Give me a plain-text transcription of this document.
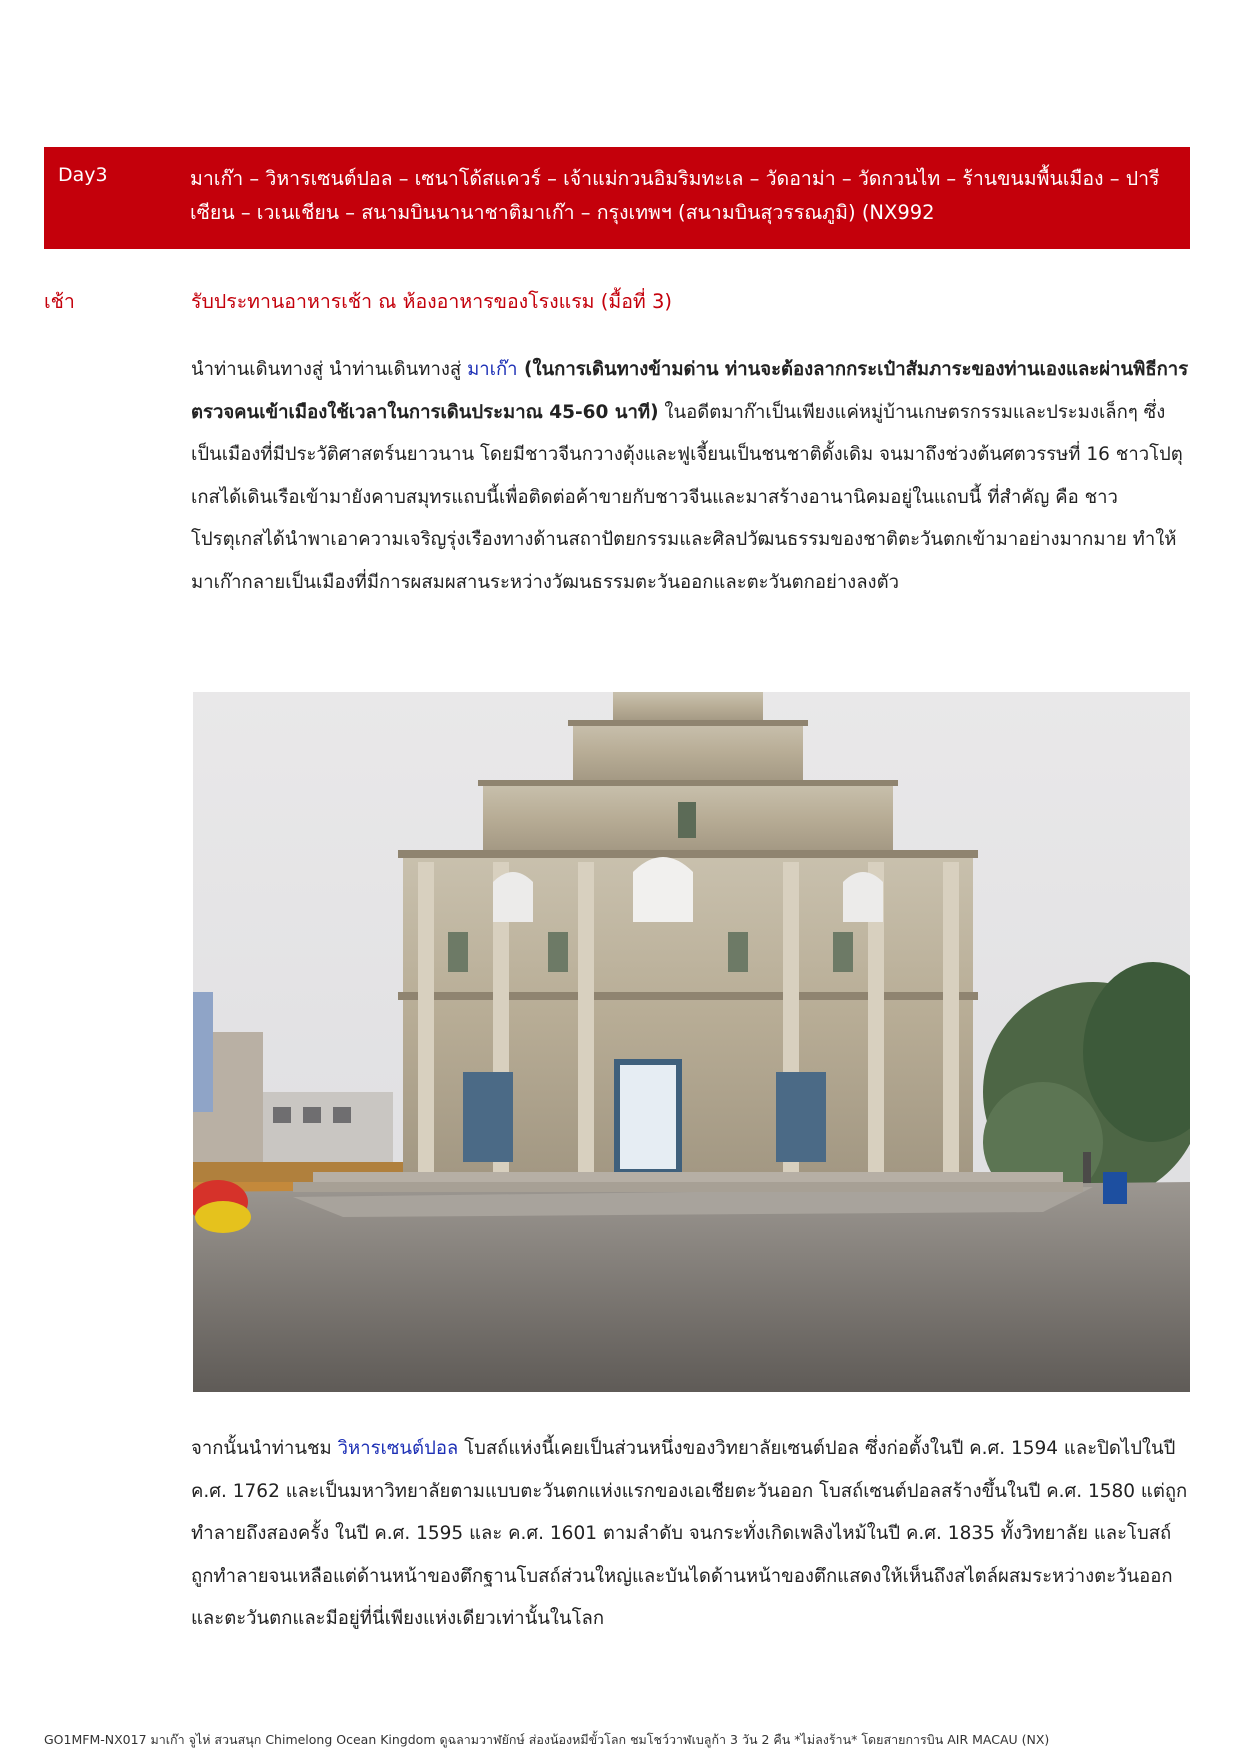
Day3	มาเก๊า – วิหารเซนต์ปอล – เซนาโด้สแควร์ – เจ้าแม่กวนอิมริมทะเล – วัดอาม่า – วัดกวนไท – ร้านขนมพื้นเมือง – ปารีเซียน – เวเนเชียน – สนามบินนานาชาติมาเก๊า – กรุงเทพฯ (สนามบินสุวรรณภูมิ) (NX992
เช้า	รับประทานอาหารเช้า ณ ห้องอาหารของโรงแรม (มื้อที่ 3)
นำท่านเดินทางสู่ นำท่านเดินทางสู่ มาเก๊า (ในการเดินทางข้ามด่าน ท่านจะต้องลากกระเป๋าสัมภาระของท่านเองและผ่านพิธีการตรวจคนเข้าเมืองใช้เวลาในการเดินประมาณ 45-60 นาที) ในอดีตมาก๊าเป็นเพียงแค่หมู่บ้านเกษตรกรรมและประมงเล็กๆ ซึ่งเป็นเมืองที่มีประวัติศาสตร์นยาวนาน โดยมีชาวจีนกวางตุ้งและฟูเจี้ยนเป็นชนชาติดั้งเดิม จนมาถึงช่วงต้นศตวรรษที่ 16 ชาวโปตุเกสได้เดินเรือเข้ามายังคาบสมุทรแถบนี้เพื่อติดต่อค้าขายกับชาวจีนและมาสร้างอานานิคมอยู่ในแถบนี้ ที่สำคัญ คือ ชาวโปรตุเกสได้นำพาเอาความเจริญรุ่งเรืองทางด้านสถาปัตยกรรมและศิลปวัฒนธรรมของชาติตะวันตกเข้ามาอย่างมากมาย ทำให้มาเก๊ากลายเป็นเมืองที่มีการผสมผสานระหว่างวัฒนธรรมตะวันออกและตะวันตกอย่างลงตัว
จากนั้นนำท่านชม วิหารเซนต์ปอล โบสถ์แห่งนี้เคยเป็นส่วนหนึ่งของวิทยาลัยเซนต์ปอล ซึ่งก่อตั้งในปี ค.ศ. 1594 และปิดไปในปี ค.ศ. 1762 และเป็นมหาวิทยาลัยตามแบบตะวันตกแห่งแรกของเอเชียตะวันออก โบสถ์เซนต์ปอลสร้างขึ้นในปี ค.ศ. 1580 แต่ถูกทำลายถึงสองครั้ง ในปี ค.ศ. 1595 และ ค.ศ. 1601 ตามลำดับ จนกระทั่งเกิดเพลิงไหม้ในปี ค.ศ. 1835 ทั้งวิทยาลัย และโบสถ์ถูกทำลายจนเหลือแต่ด้านหน้าของตึกฐานโบสถ์ส่วนใหญ่และบันไดด้านหน้าของตึกแสดงให้เห็นถึงสไตล์ผสมระหว่างตะวันออกและตะวันตกและมีอยู่ที่นี่เพียงแห่งเดียวเท่านั้นในโลก
GO1MFM-NX017 มาเก๊า จูไห่ สวนสนุก Chimelong Ocean Kingdom ดูฉลามวาฬยักษ์ ส่องน้องหมีขั้วโลก ชมโชว์วาฬเบลูก้า 3 วัน 2 คืน *ไม่ลงร้าน* โดยสายการบิน AIR MACAU (NX)
